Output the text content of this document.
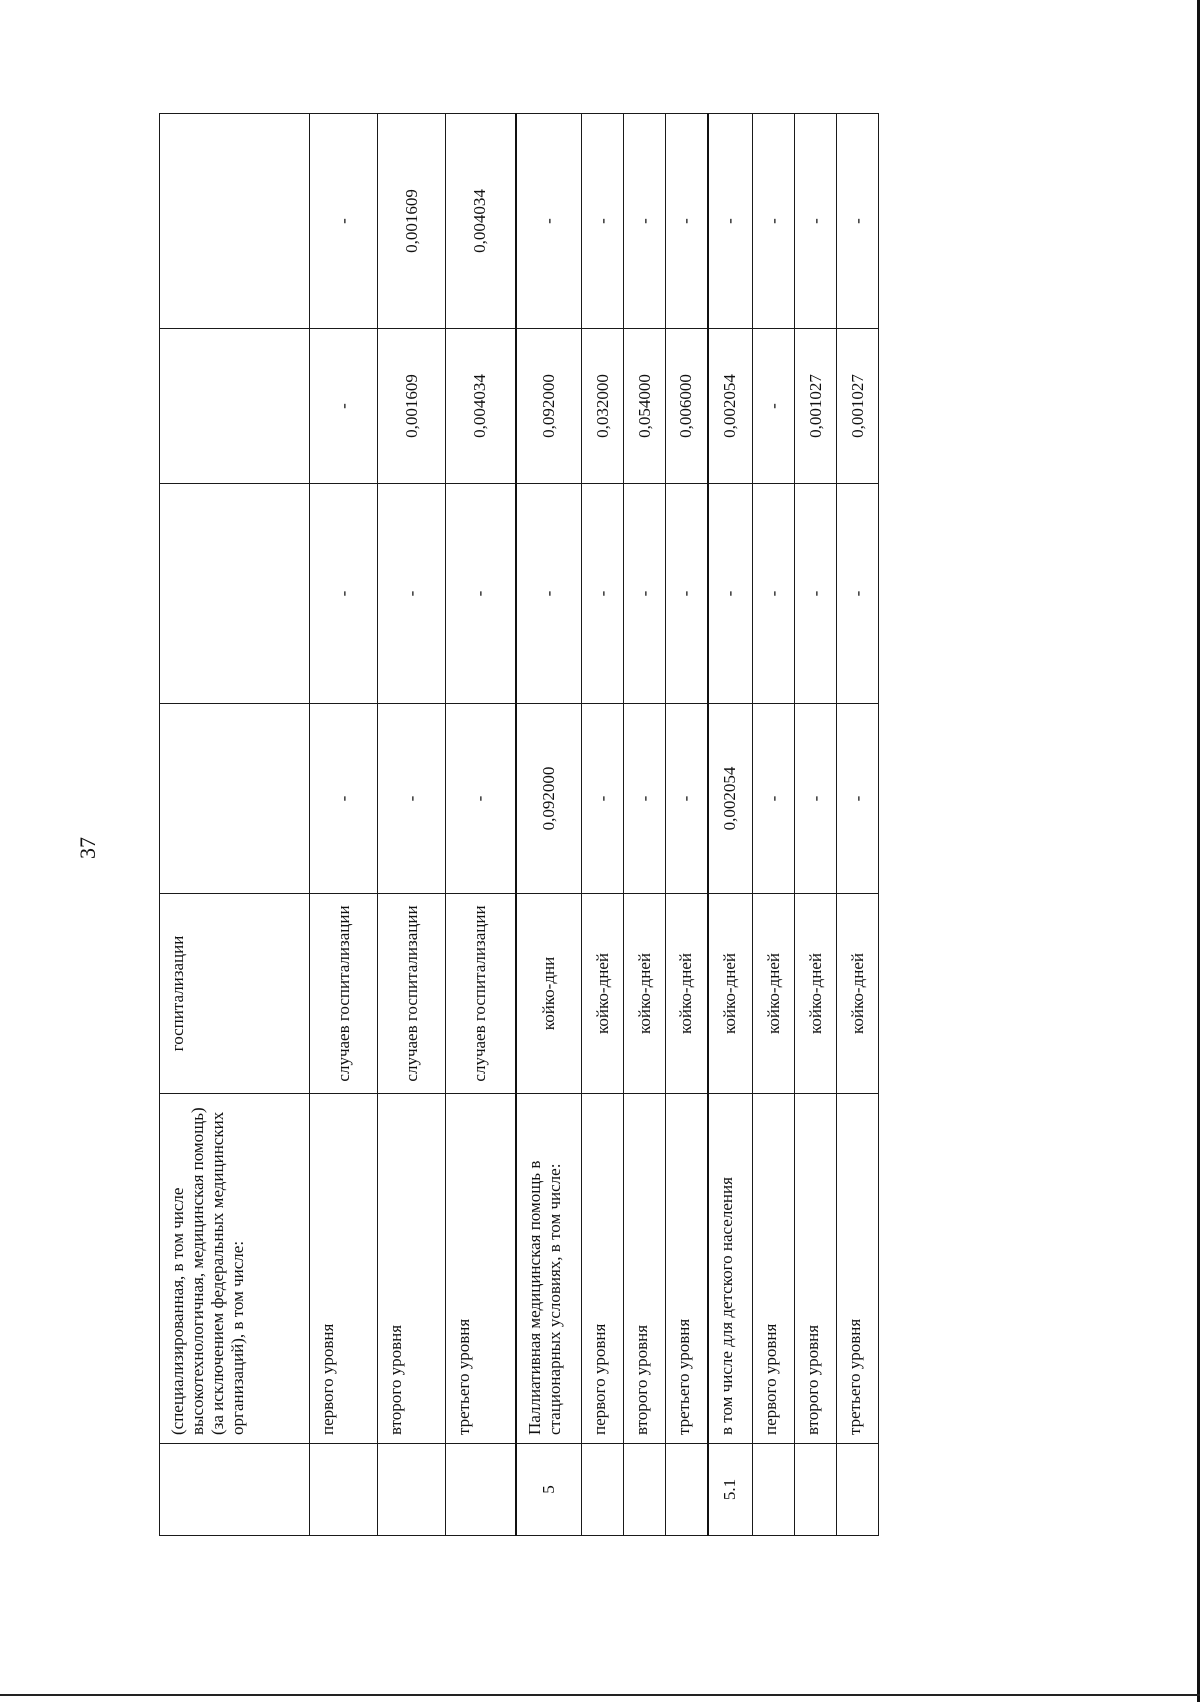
37
	(специализированная, в том числе высокотехнологичная, медицинская помощь) (за исключением федеральных медицинских организаций), в том числе:	госпитализации				
	первого уровня	случаев госпитализации	-	-	-	-
	второго уровня	случаев госпитализации	-	-	0,001609	0,001609
	третьего уровня	случаев госпитализации	-	-	0,004034	0,004034
5	Паллиативная медицинская помощь в стационарных условиях, в том числе:	койко-дни	0,092000	-	0,092000	-
	первого уровня	койко-дней	-	-	0,032000	-
	второго уровня	койко-дней	-	-	0,054000	-
	третьего уровня	койко-дней	-	-	0,006000	-
5.1	в том числе для детского населения	койко-дней	0,002054	-	0,002054	-
	первого уровня	койко-дней	-	-	-	-
	второго уровня	койко-дней	-	-	0,001027	-
	третьего уровня	койко-дней	-	-	0,001027	-
